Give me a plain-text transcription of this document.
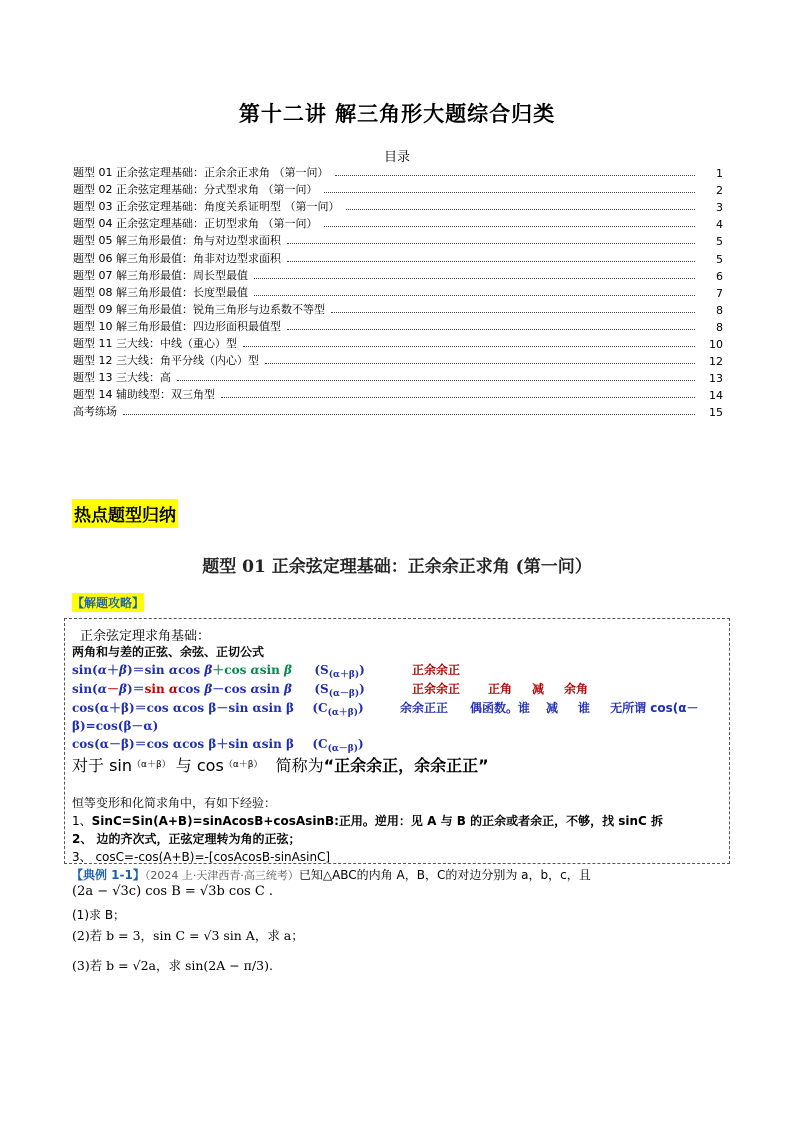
第十二讲 解三角形大题综合归类
目录
题型 01 正余弦定理基础：正余余正求角 （第一问）	1
题型 02 正余弦定理基础：分式型求角 （第一问）	2
题型 03 正余弦定理基础：角度关系证明型 （第一问）	3
题型 04 正余弦定理基础：正切型求角 （第一问）	4
题型 05 解三角形最值：角与对边型求面积	5
题型 06 解三角形最值：角非对边型求面积	5
题型 07 解三角形最值：周长型最值	6
题型 08 解三角形最值：长度型最值	7
题型 09 解三角形最值：锐角三角形与边系数不等型	8
题型 10 解三角形最值：四边形面积最值型	8
题型 11 三大线：中线（重心）型	10
题型 12 三大线：角平分线（内心）型	12
题型 13 三大线：高	13
题型 14 辅助线型：双三角型	14
高考练场	15
热点题型归纳
题型 01 正余弦定理基础：正余余正求角 (第一问）
【解题攻略】
正余弦定理求角基础：
两角和与差的正弦、余弦、正切公式
sin(α＋β)＝sin αcos β＋cos αsin β $(S_{(\alpha+\beta)})$	正余余正
sin(α－β)＝sin αcos β－cos αsin β $(S_{(\alpha-\beta)})$	正余余正 正角 减 余角
cos(α＋β)＝cos αcos β－sin αsin β $(C_{(\alpha+\beta)})$	余余正正 偶函数。谁 减 谁 无所谓 cos(α－
β)=cos(β－α)
cos(α－β)＝cos αcos β＋sin αsin β $(C_{(\alpha-\beta)})$
对于 $\sin^{(\alpha+\beta)}$ 与 $\cos^{(\alpha+\beta)}$ 简称为“正余余正，余余正正”
恒等变形和化简求角中，有如下经验：
1、SinC=Sin(A+B)=sinAcosB+cosAsinB:正用。逆用：见 A 与 B 的正余或者余正，不够，找 sinC 拆
2、 边的齐次式，正弦定理转为角的正弦；
3、 cosC=-cos(A+B)=-[cosAcosB-sinAsinC]
【典例 1-1】（2024 上·天津西青·高三统考）已知△ABC的内角 A，B，C的对边分别为 a，b，c，且
(2a − √3c) cos B = √3b cos C .
(1)求 B；
(2)若 b = 3，sin C = √3 sin A，求 a；
(3)若 b = √2a，求 sin(2A − π/3).
